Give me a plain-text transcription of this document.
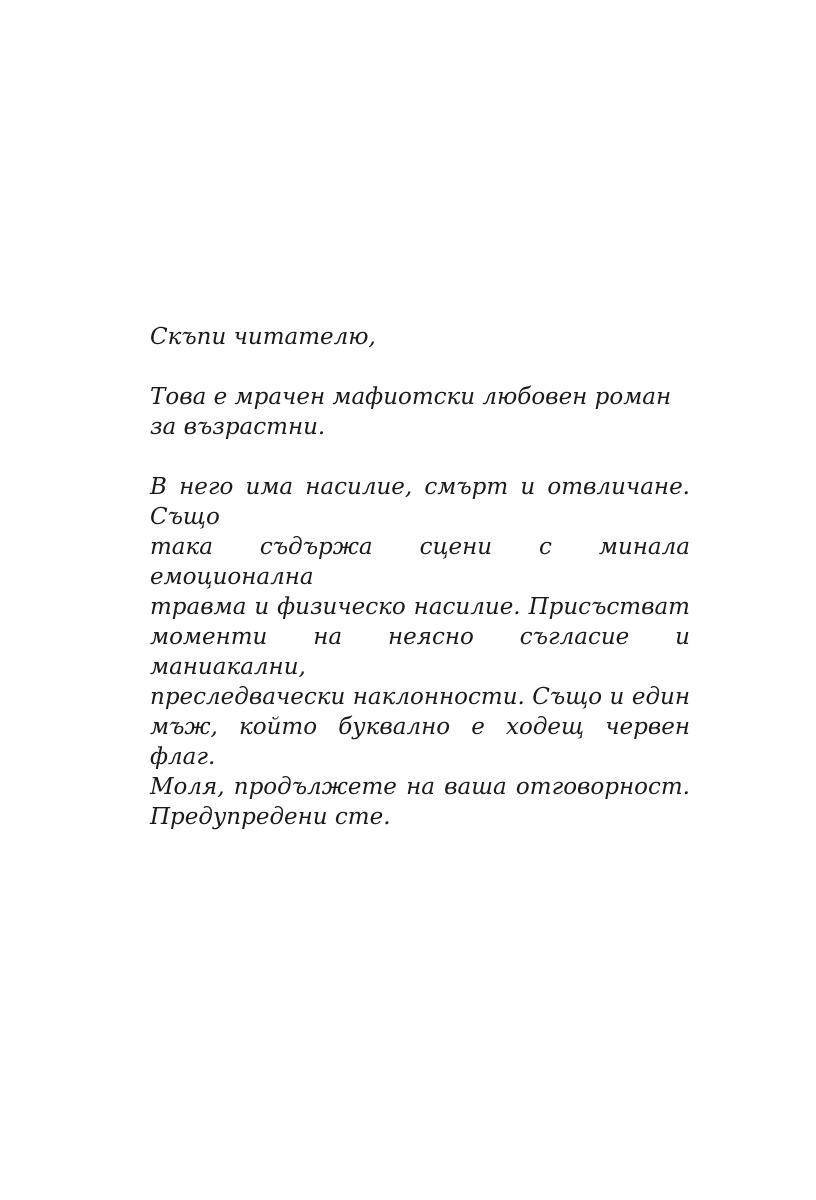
Скъпи читателю,
Това е мрачен мафиотски любовен роман
за възрастни.
В него има насилие, смърт и отвличане. Също
така съдържа сцени с минала емоционална
травма и физическо насилие. Присъстват
моменти на неясно съгласие и маниакални,
преследвачески наклонности. Също и един
мъж, който буквално е ходещ червен флаг.
Моля, продължете на ваша отговорност.
Предупредени сте.
